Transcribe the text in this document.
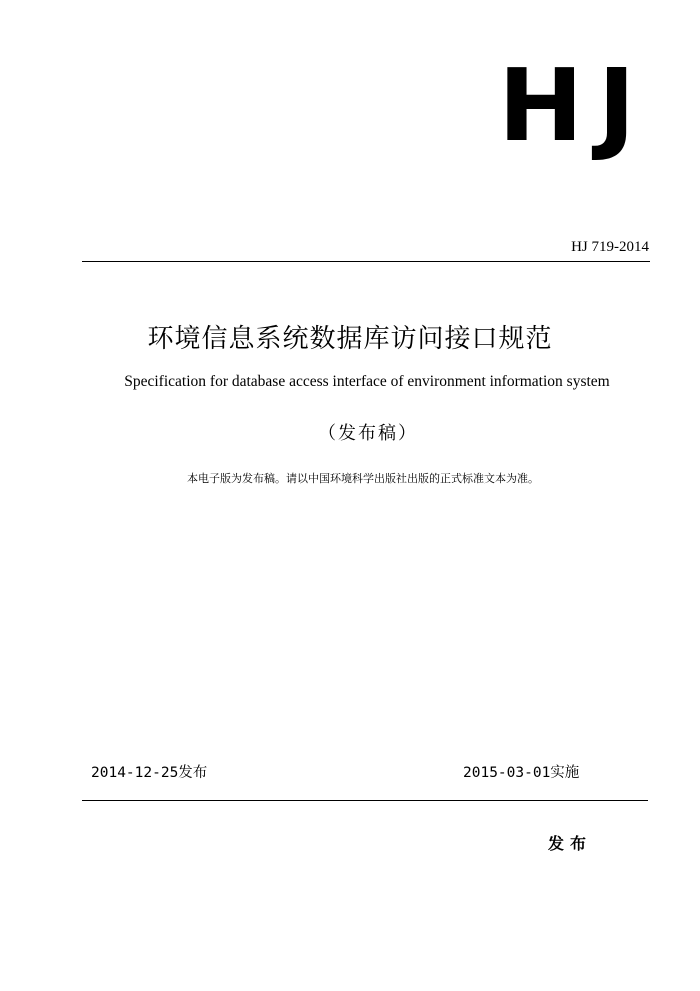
HJ
HJ 719-2014
环境信息系统数据库访问接口规范
Specification for database access interface of environment information system
（发布稿）
本电子版为发布稿。请以中国环境科学出版社出版的正式标准文本为准。
2014-12-25发布	2015-03-01实施
发布
